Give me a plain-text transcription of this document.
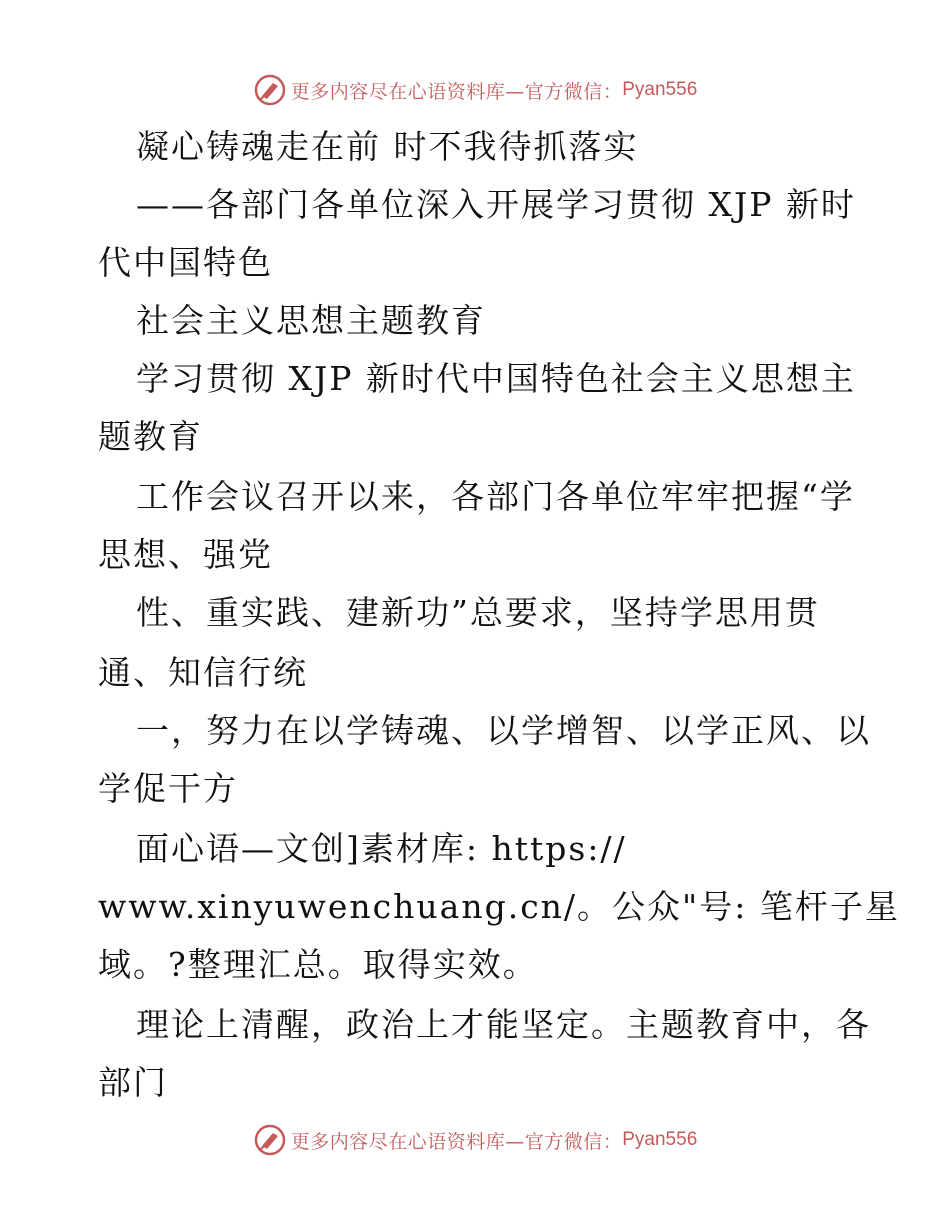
更多内容尽在心语资料库—官方微信： Pyan556
凝心铸魂走在前 时不我待抓落实
——各部门各单位深入开展学习贯彻 XJP 新时
代中国特色
社会主义思想主题教育
学习贯彻 XJP 新时代中国特色社会主义思想主
题教育
工作会议召开以来，各部门各单位牢牢把握“学
思想、强党
性、重实践、建新功”总要求，坚持学思用贯
通、知信行统
一，努力在以学铸魂、以学增智、以学正风、以
学促干方
面心语—文创]素材库: https://
www.xinyuwenchuang.cn/。公众"号: 笔杆子星
域。?整理汇总。取得实效。
理论上清醒，政治上才能坚定。主题教育中，各
部门
更多内容尽在心语资料库—官方微信： Pyan556
